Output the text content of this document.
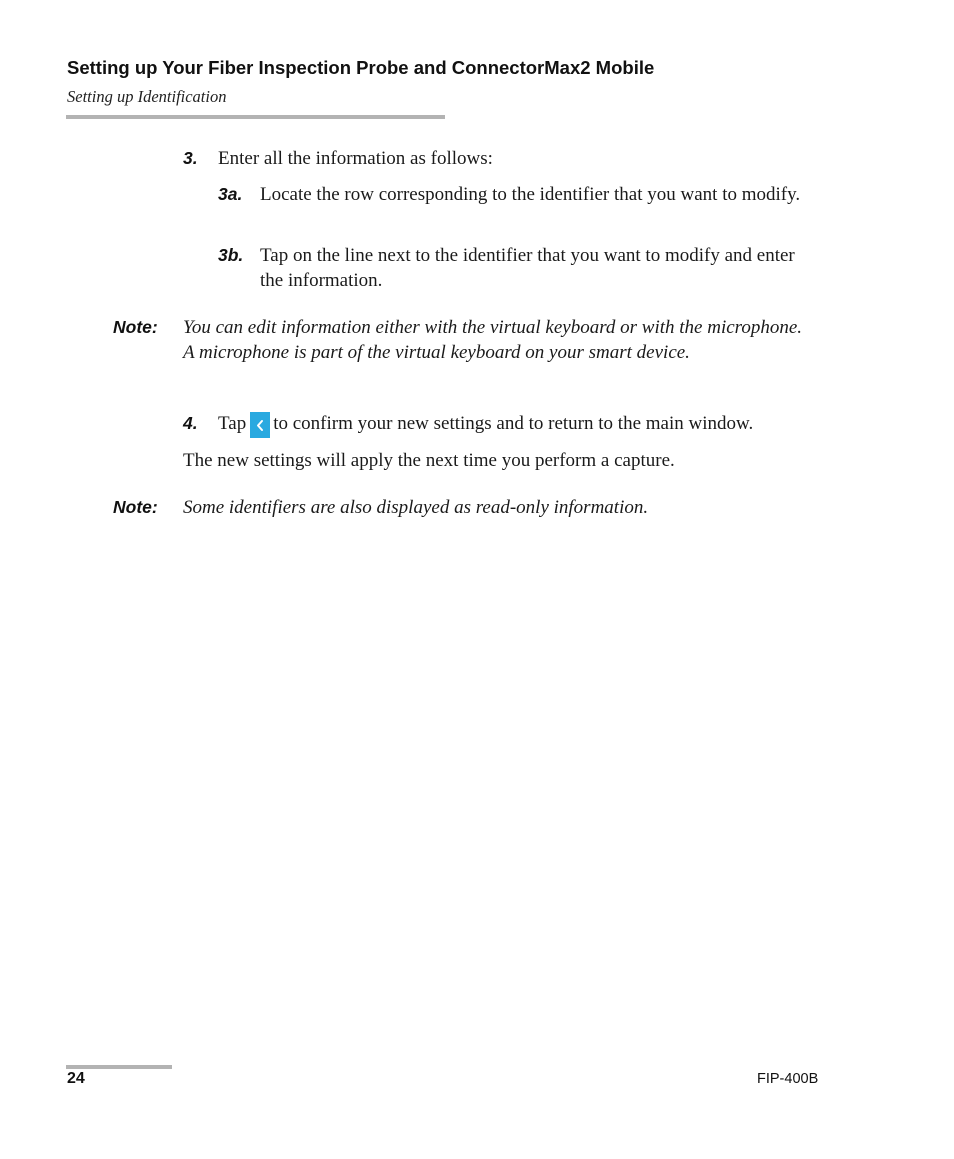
Setting up Your Fiber Inspection Probe and ConnectorMax2 Mobile
Setting up Identification
3. Enter all the information as follows:
3a. Locate the row corresponding to the identifier that you want to modify.
3b. Tap on the line next to the identifier that you want to modify and enter the information.
Note: You can edit information either with the virtual keyboard or with the microphone. A microphone is part of the virtual keyboard on your smart device.
4. Tap to confirm your new settings and to return to the main window.
The new settings will apply the next time you perform a capture.
Note: Some identifiers are also displayed as read-only information.
24	FIP-400B
